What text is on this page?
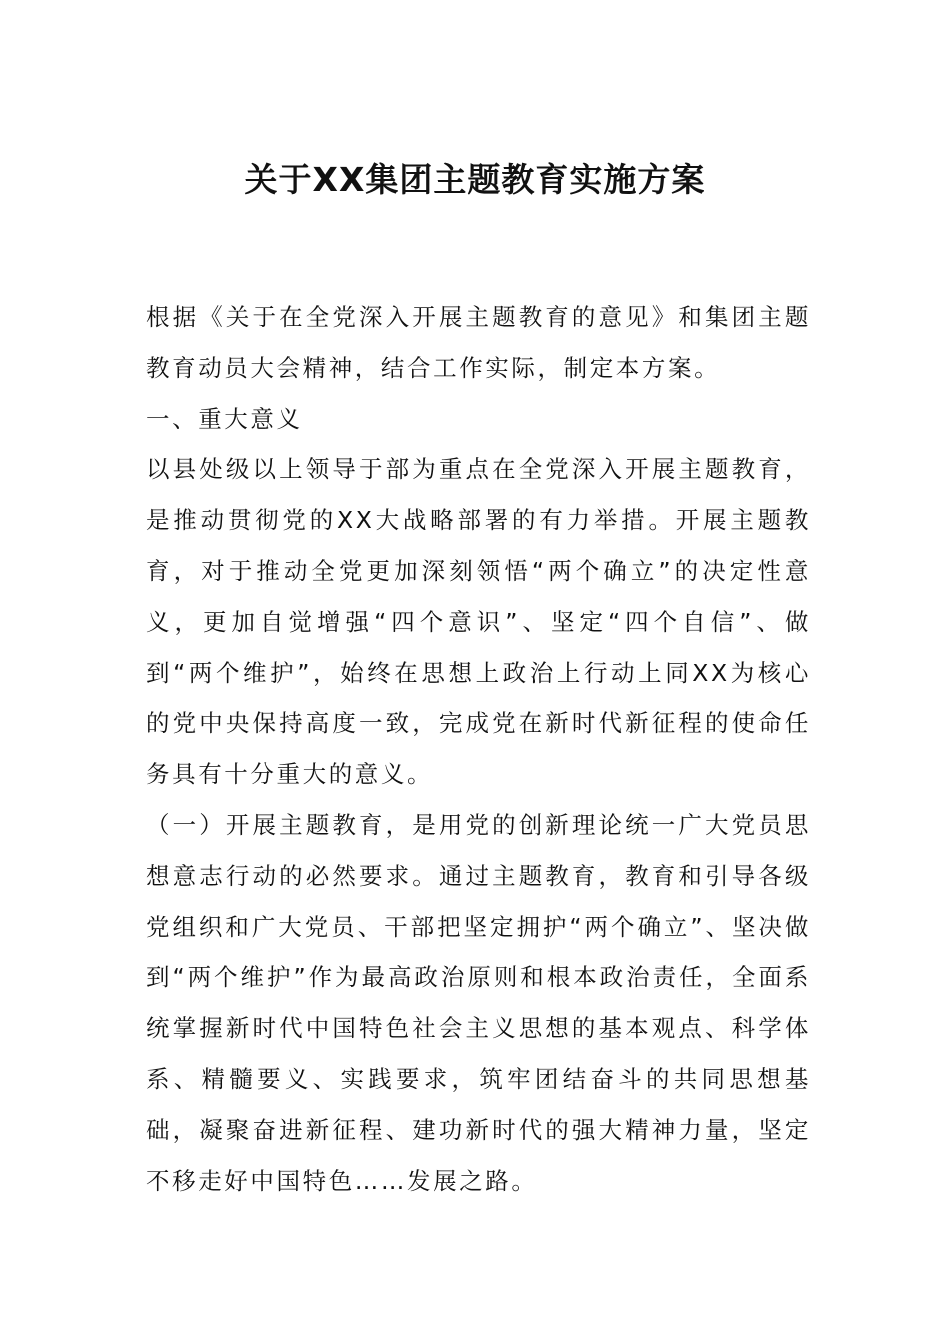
关于XX集团主题教育实施方案

根据《关于在全党深入开展主题教育的意见》和集团主题教育动员大会精神，结合工作实际，制定本方案。

一、重大意义

以县处级以上领导于部为重点在全党深入开展主题教育，是推动贯彻党的XX大战略部署的有力举措。开展主题教育，对于推动全党更加深刻领悟“两个确立”的决定性意义，更加自觉增强“四个意识”、坚定“四个自信”、做到“两个维护”，始终在思想上政治上行动上同XX为核心的党中央保持高度一致，完成党在新时代新征程的使命任务具有十分重大的意义。

（一）开展主题教育，是用党的创新理论统一广大党员思想意志行动的必然要求。通过主题教育，教育和引导各级党组织和广大党员、干部把坚定拥护“两个确立”、坚决做到“两个维护”作为最高政治原则和根本政治责任，全面系统掌握新时代中国特色社会主义思想的基本观点、科学体系、精髓要义、实践要求，筑牢团结奋斗的共同思想基础，凝聚奋进新征程、建功新时代的强大精神力量，坚定不移走好中国特色……发展之路。
